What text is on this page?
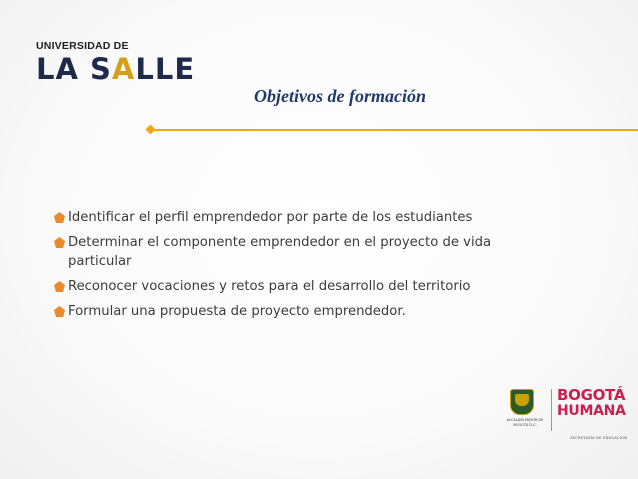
UNIVERSIDAD DE
LA SALLE
Objetivos de formación
Identificar el perfil emprendedor por parte de los estudiantes
Determinar el componente emprendedor en el proyecto de vida particular
Reconocer vocaciones y retos para el desarrollo del territorio
Formular una propuesta de proyecto emprendedor.
ALCALDÍA MAYOR DE BOGOTÁ D.C.
BOGOTÁ
HUMANA
SECRETARÍA DE EDUCACIÓN
